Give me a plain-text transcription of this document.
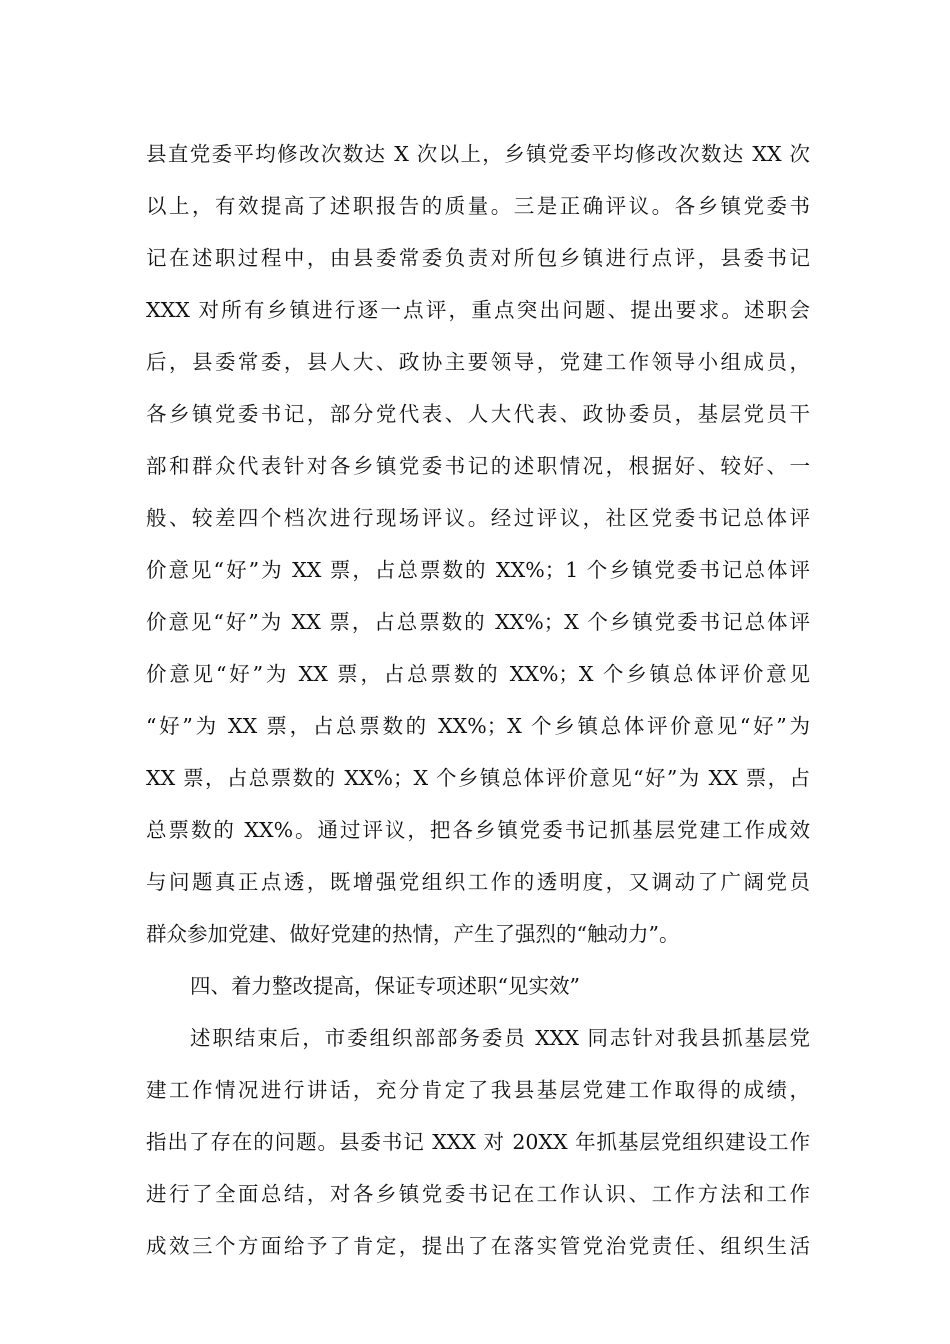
县直党委平均修改次数达 X 次以上，乡镇党委平均修改次数达 XX 次
以上，有效提高了述职报告的质量。三是正确评议。各乡镇党委书
记在述职过程中，由县委常委负责对所包乡镇进行点评，县委书记
XXX 对所有乡镇进行逐一点评，重点突出问题、提出要求。述职会
后，县委常委，县人大、政协主要领导，党建工作领导小组成员，
各乡镇党委书记，部分党代表、人大代表、政协委员，基层党员干
部和群众代表针对各乡镇党委书记的述职情况，根据好、较好、一
般、较差四个档次进行现场评议。经过评议，社区党委书记总体评
价意见“好”为 XX 票，占总票数的 XX%；1 个乡镇党委书记总体评
价意见“好”为 XX 票，占总票数的 XX%；X 个乡镇党委书记总体评
价意见“好”为 XX 票，占总票数的 XX%；X 个乡镇总体评价意见
“好”为 XX 票，占总票数的 XX%；X 个乡镇总体评价意见“好”为
XX 票，占总票数的 XX%；X 个乡镇总体评价意见“好”为 XX 票，占
总票数的 XX%。通过评议，把各乡镇党委书记抓基层党建工作成效
与问题真正点透，既增强党组织工作的透明度，又调动了广阔党员
群众参加党建、做好党建的热情，产生了强烈的“触动力”。
四、着力整改提高，保证专项述职“见实效”
述职结束后，市委组织部部务委员 XXX 同志针对我县抓基层党
建工作情况进行讲话，充分肯定了我县基层党建工作取得的成绩，
指出了存在的问题。县委书记 XXX 对 20XX 年抓基层党组织建设工作
进行了全面总结，对各乡镇党委书记在工作认识、工作方法和工作
成效三个方面给予了肯定，提出了在落实管党治党责任、组织生活
